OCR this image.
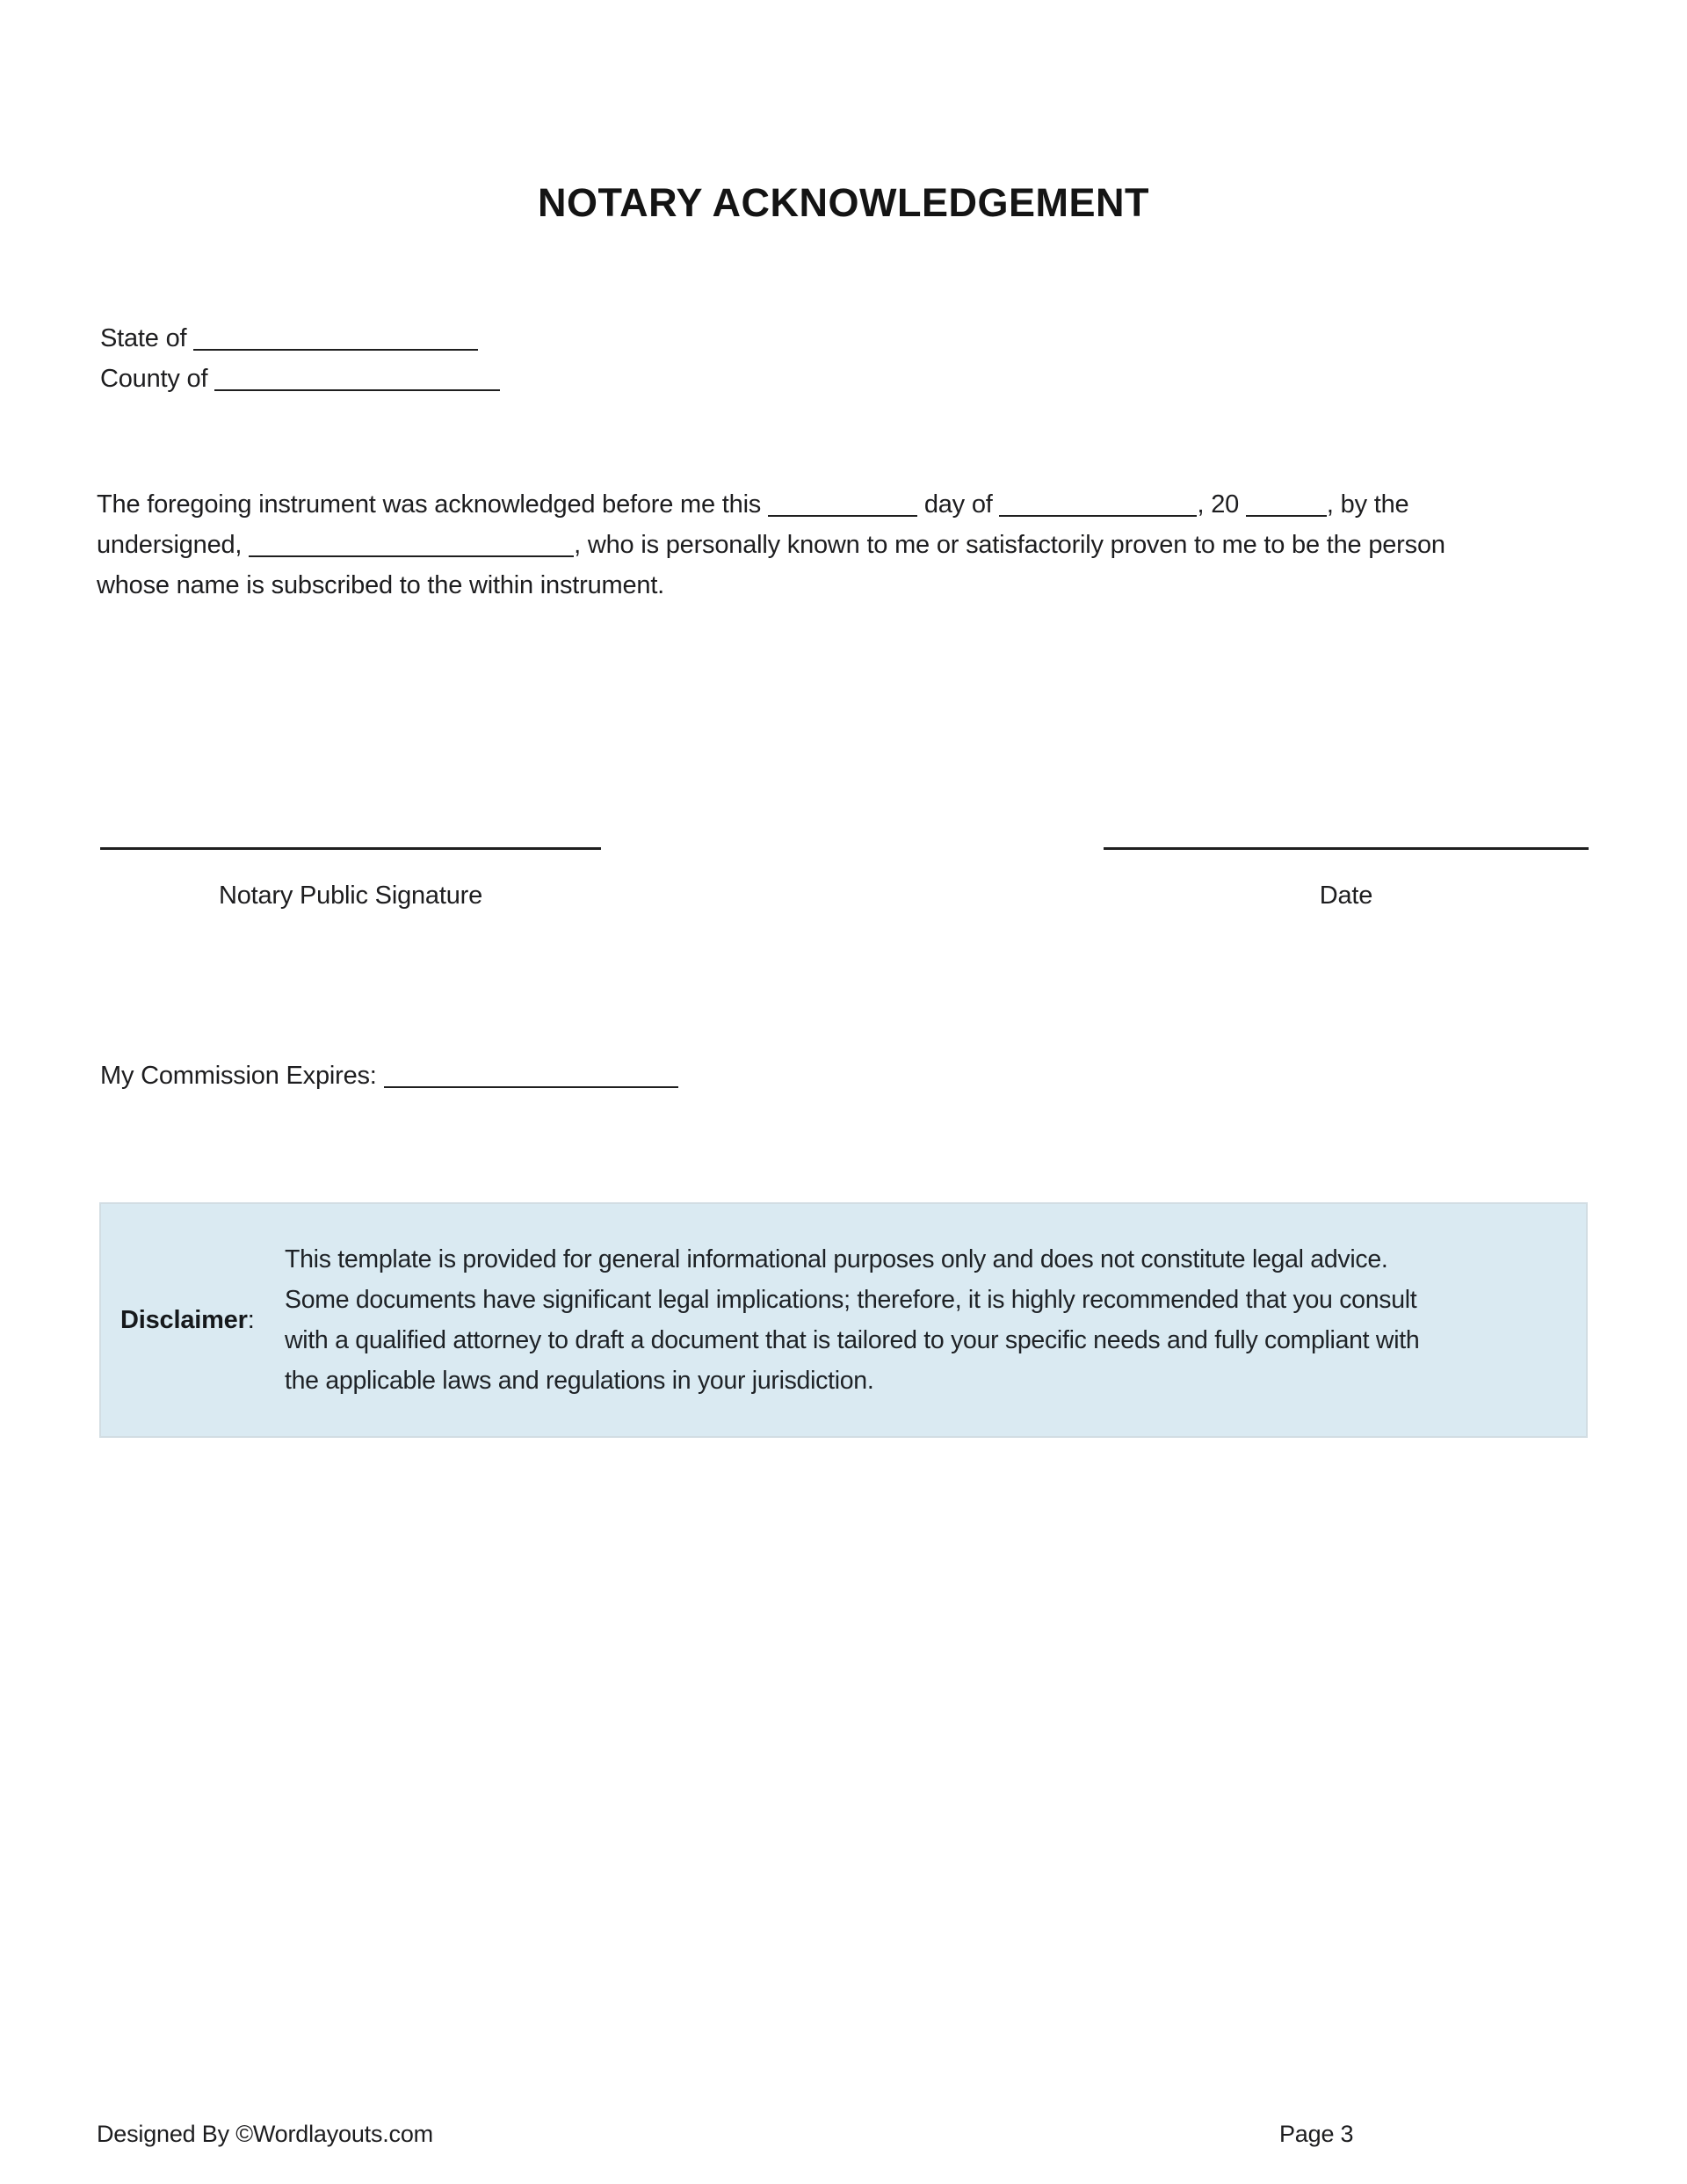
NOTARY ACKNOWLEDGEMENT
State of
County of
The foregoing instrument was acknowledged before me this	day of	, 20	, by the
undersigned,	, who is personally known to me or satisfactorily proven to me to be the person
whose name is subscribed to the within instrument.
Notary Public Signature	Date
My Commission Expires:
Disclaimer:
This template is provided for general informational purposes only and does not constitute legal advice.
Some documents have significant legal implications; therefore, it is highly recommended that you consult
with a qualified attorney to draft a document that is tailored to your specific needs and fully compliant with
the applicable laws and regulations in your jurisdiction.
Designed By ©Wordlayouts.com	Page 3
